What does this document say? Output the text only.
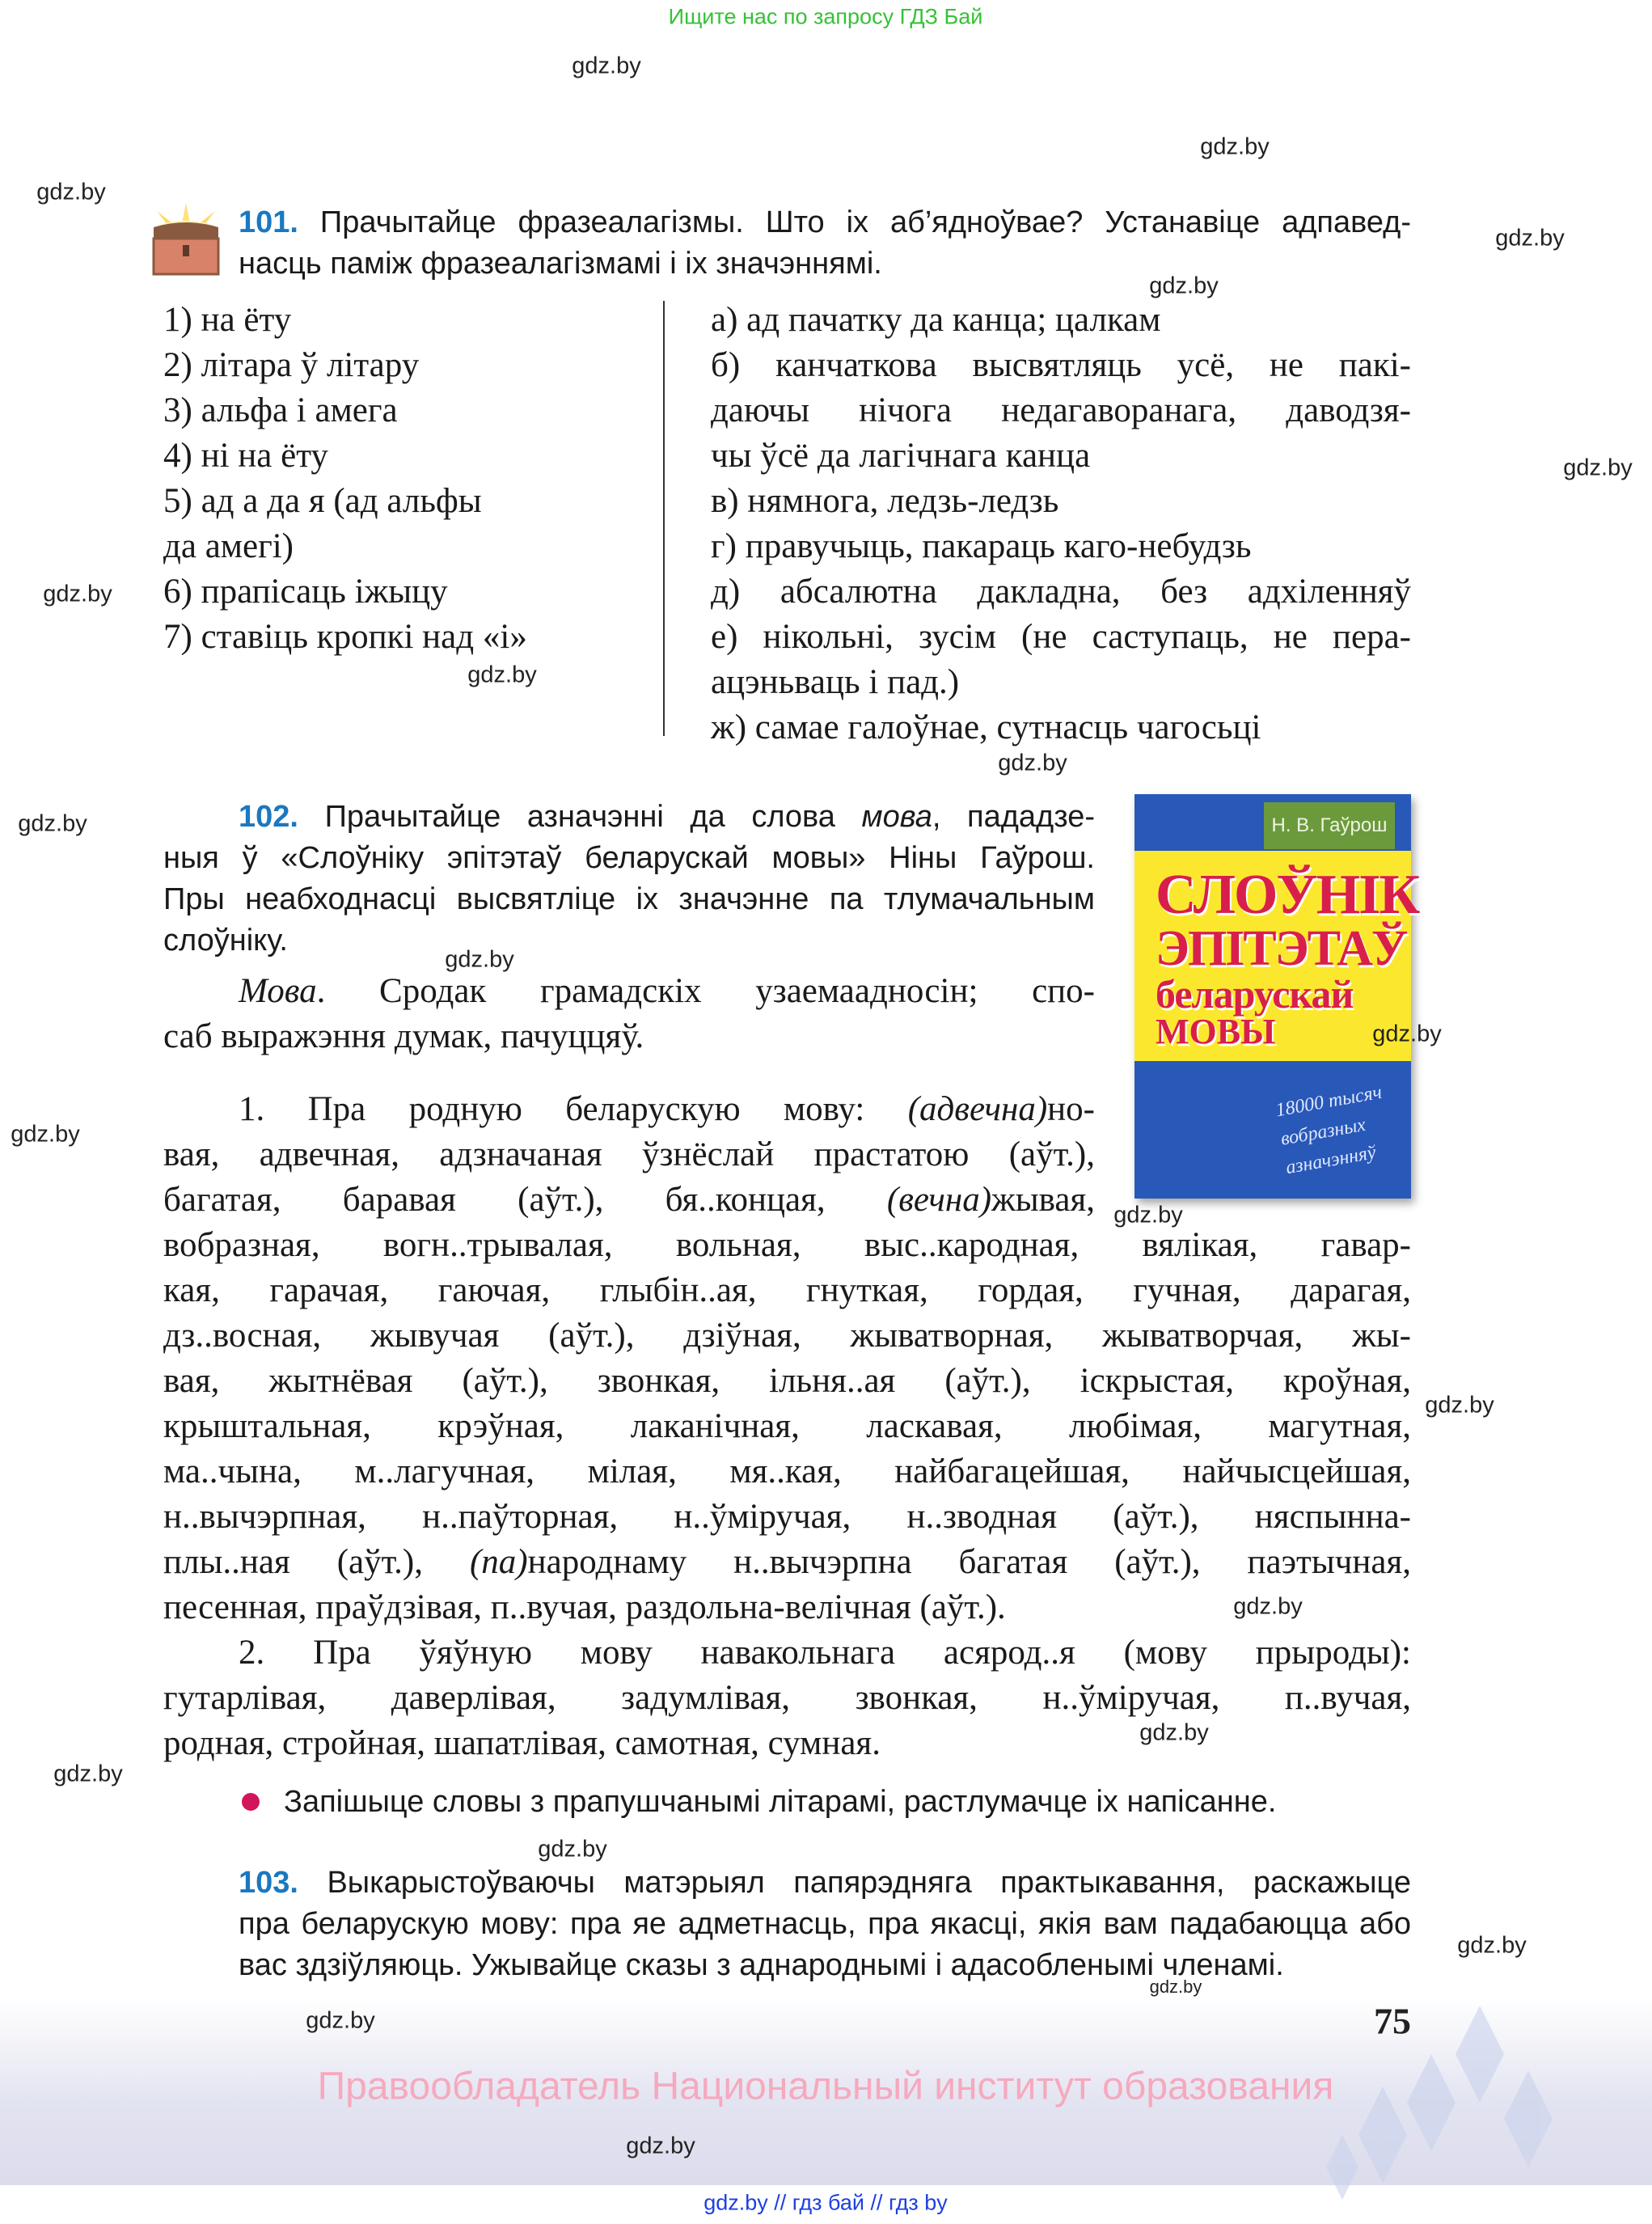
Ищите нас по запросу ГДЗ Бай
101. Прачытайце фразеалагізмы. Што іх аб’ядноўвае? Устанавіце адпавед-
насць паміж фразеалагізмамі і іх значэннямі.
1) на ёту
2) літара ў літару
3) альфа і амега
4) ні на ёту
5) ад а да я (ад альфы
да амегі)
6) прапісаць іжыцу
7) ставіць кропкі над «і»
а) ад пачатку да канца; цалкам
б) канчаткова высвятляць усё, не пакі-
даючы нічога недагаворанага, даводзя-
чы ўсё да лагічнага канца
в) нямнога, ледзь-ледзь
г) правучыць, пакараць каго-небудзь
д) абсалютна дакладна, без адхіленняў
е) нікольні, зусім (не саступаць, не пера-
ацэньваць і пад.)
ж) самае галоўнае, сутнасць чагосьці
102. Прачытайце азначэнні да слова мова, пададзе-
ныя ў «Слоўніку эпітэтаў беларускай мовы» Ніны Гаўрош.
Пры неабходнасці высвятліце іх значэнне па тлумачальным
слоўніку.
Мова. Сродак грамадскіх узаемаадносін; спо-
саб выражэння думак, пачуццяў.
1. Пра родную беларускую мову: (адвечна)но-
вая, адвечная, адзначаная ўзнёслай прастатою (аўт.),
багатая, баравая (аўт.), бя..концая, (вечна)жывая,
вобразная, вогн..трывалая, вольная, выс..кародная, вялікая, гавар-
кая, гарачая, гаючая, глыбін..ая, гнуткая, гордая, гучная, дарагая,
дз..восная, жывучая (аўт.), дзіўная, жыватворная, жыватворчая, жы-
вая, жытнёвая (аўт.), звонкая, ільня..ая (аўт.), іскрыстая, кроўная,
крыштальная, крэўная, лаканічная, ласкавая, любімая, магутная,
ма..чына, м..лагучная, мілая, мя..кая, найбагацейшая, найчысцейшая,
н..вычэрпная, н..паўторная, н..ўміручая, н..зводная (аўт.), няспынна-
плы..ная (аўт.), (па)народнаму н..вычэрпна багатая (аўт.), паэтычная,
песенная, праўдзівая, п..вучая, раздольна-велічная (аўт.).
2. Пра ўяўную мову навакольнага асярод..я (мову прыроды):
гутарлівая, даверлівая, задумлівая, звонкая, н..ўміручая, п..вучая,
родная, стройная, шапатлівая, самотная, сумная.
Н. В. Гаўрош
СЛОЎНІК
ЭПІТЭТАЎ
беларускай
МОВЫ
18000 тысяч вобразных азначэнняў
Запішыце словы з прапушчанымі літарамі, растлумачце іх напісанне.
103. Выкарыстоўваючы матэрыял папярэдняга практыкавання, раскажыце
пра беларускую мову: пра яе адметнасць, пра якасці, якія вам падабаюцца або
вас здзіўляюць. Ужывайце сказы з аднароднымі і адасобленымі членамі.
75
Правообладатель Национальный институт образования
gdz.by // гдз бай // гдз by
gdz.by
gdz.by
gdz.by
gdz.by
gdz.by
gdz.by
gdz.by
gdz.by
gdz.by
gdz.by
gdz.by
gdz.by
gdz.by
gdz.by
gdz.by
gdz.by
gdz.by
gdz.by
gdz.by
gdz.by
gdz.by
gdz.by
gdz.by
